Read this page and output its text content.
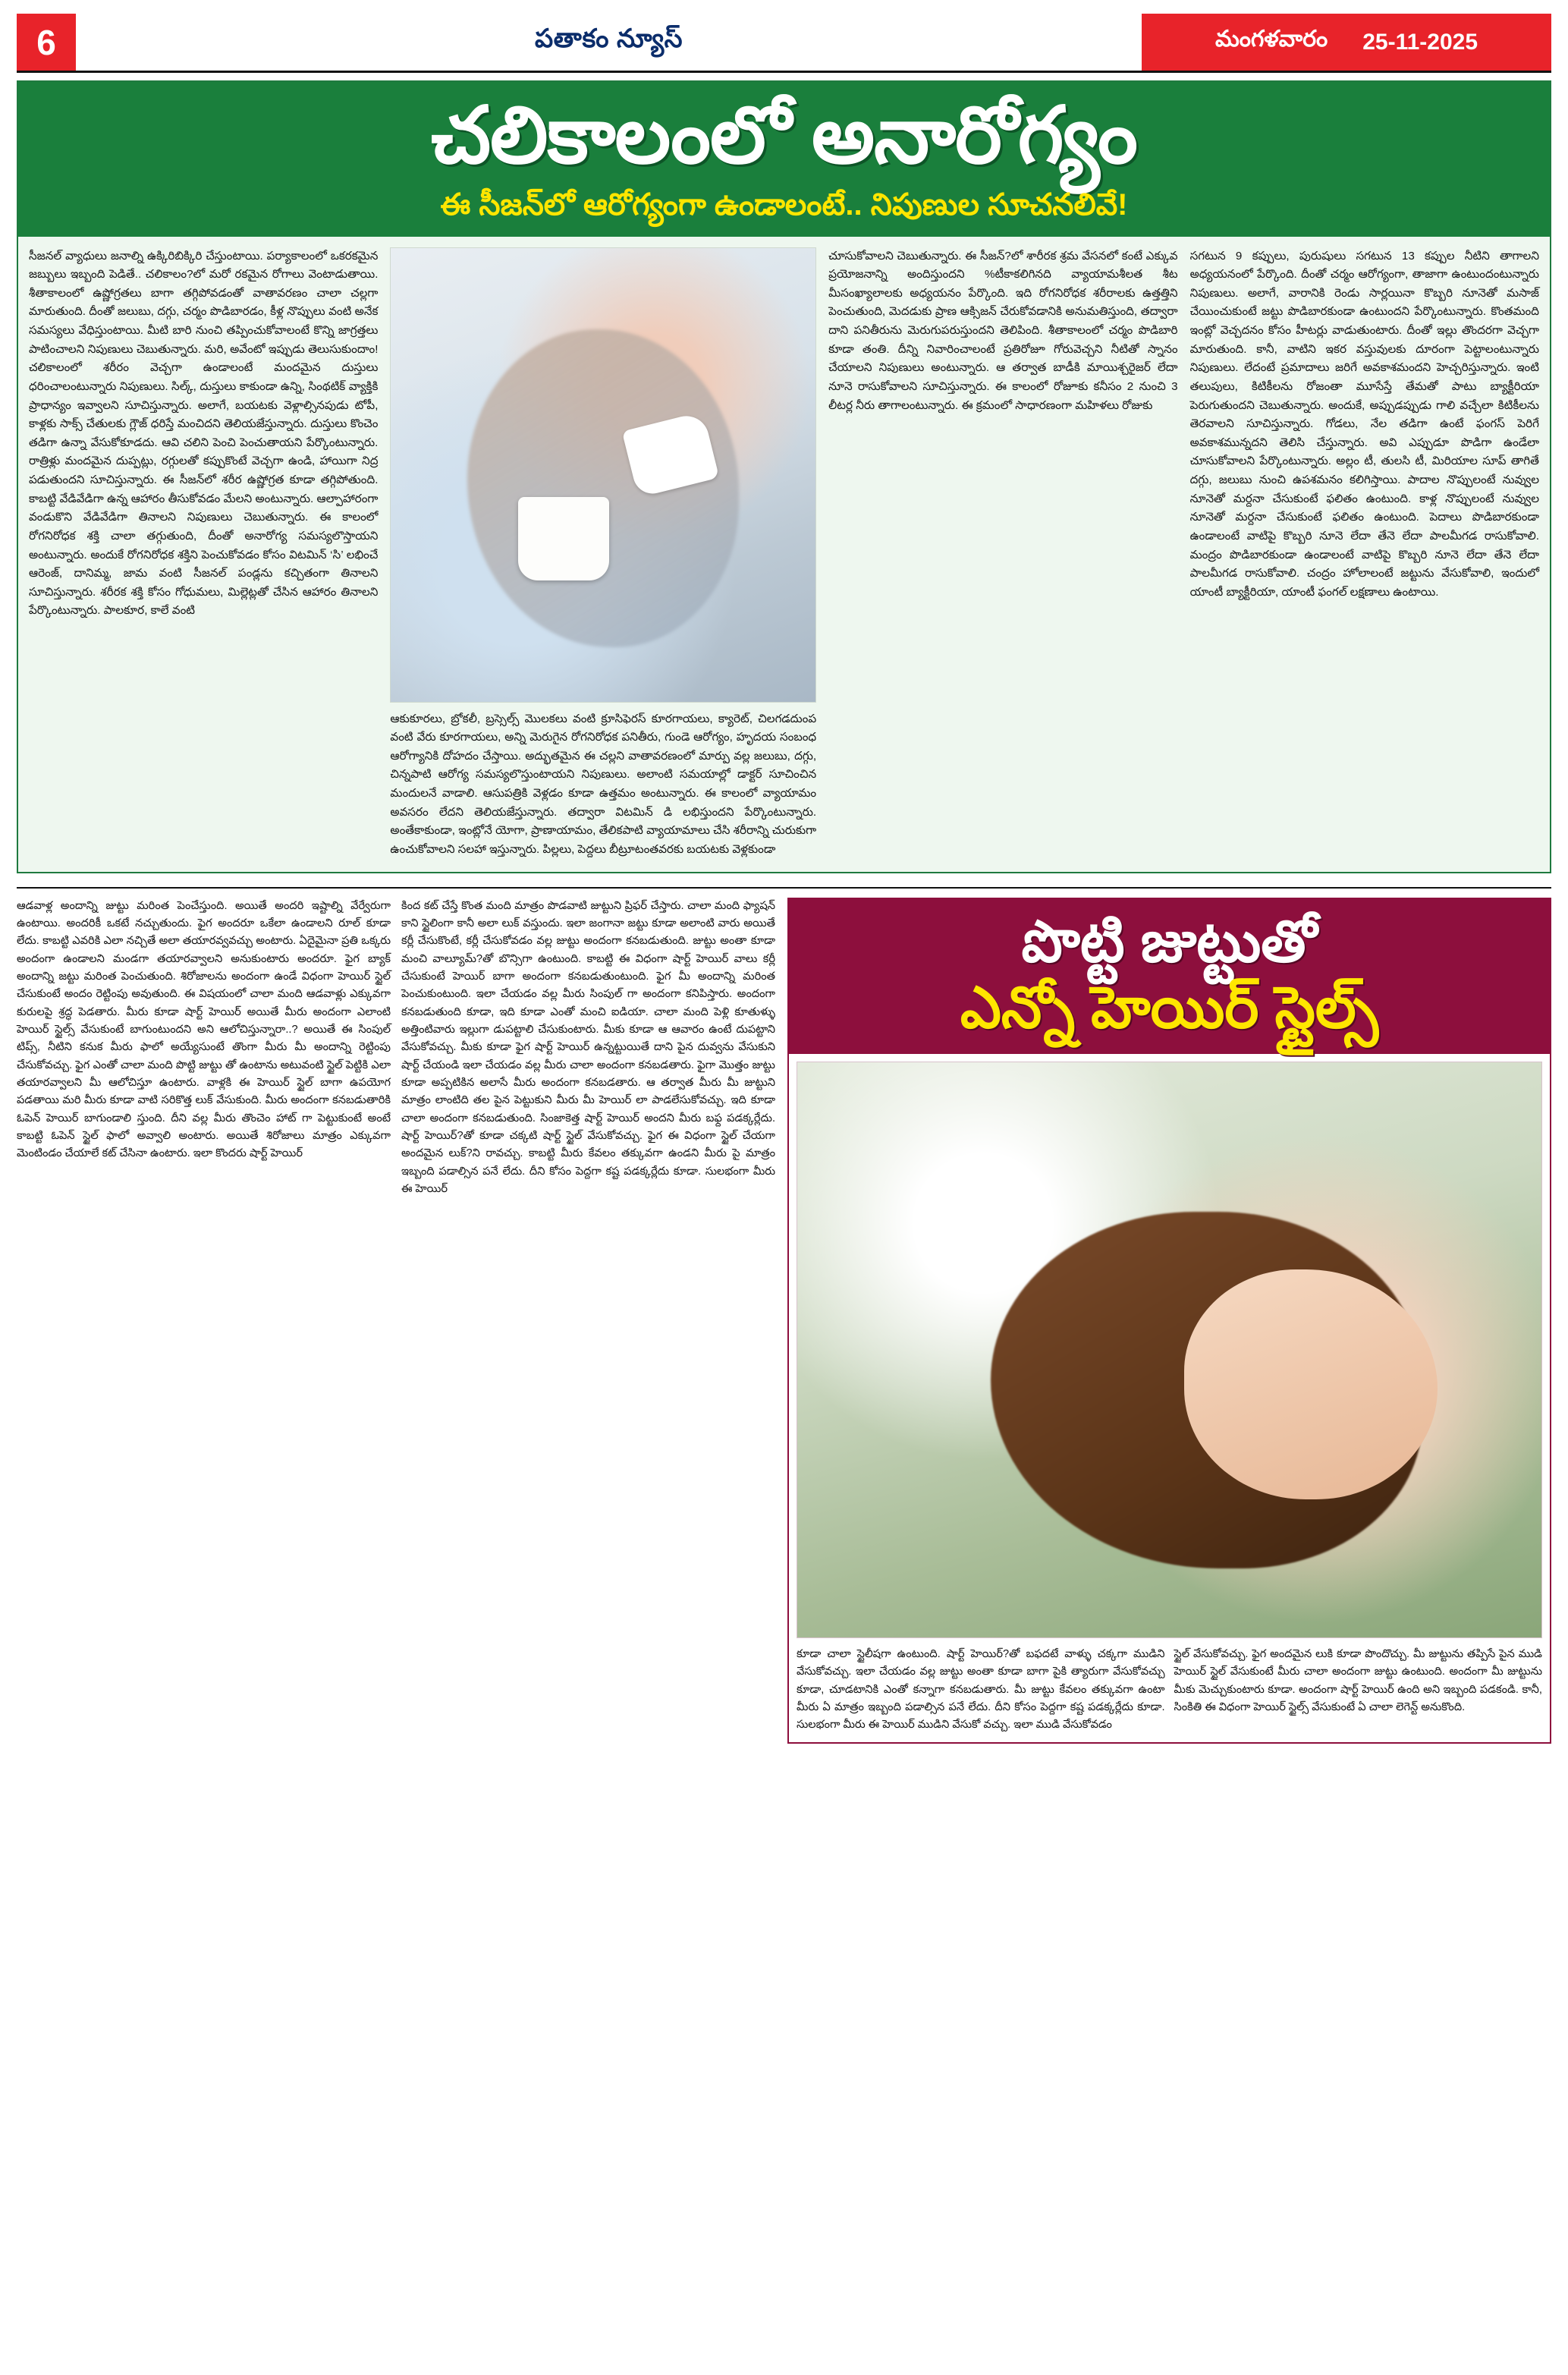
6	పతాకం న్యూస్	మంగళవారం 25-11-2025
చలికాలంలో అనారోగ్యం
ఈ సీజన్‌లో ఆరోగ్యంగా ఉండాలంటే.. నిపుణుల సూచనలివే!
సీజనల్ వ్యాధులు జనాల్ని ఉక్కిరిబిక్కిరి చేస్తుంటాయి. పర్యాకాలంలో ఒకరకమైన జబ్బులు ఇబ్బంది పెడితే.. చలికాలం?లో మరో రకమైన రోగాలు వెంటాడుతాయి. శీతాకాలంలో ఉష్ణోగ్రతలు బాగా తగ్గిపోవడంతో వాతావరణం చాలా చల్లగా మారుతుంది. దీంతో జలుబు, దగ్గు, చర్మం పొడిబారడం, కీళ్ల నొప్పులు వంటి అనేక సమస్యలు వేధిస్తుంటాయి. మీటి బారి నుంచి తప్పించుకోవాలంటే కొన్ని జాగ్రత్తలు పాటించాలని నిపుణులు చెబుతున్నారు. మరి, అవేంటో ఇప్పుడు తెలుసుకుందాం! చలికాలంలో శరీరం వెచ్చగా ఉండాలంటే మందమైన దుస్తులు ధరించాలంటున్నారు నిపుణులు. సిల్క్, దుస్తులు కాకుండా ఉన్ని, సింథటిక్ వ్యాక్తికి ప్రాధాన్యం ఇవ్వాలని సూచిస్తున్నారు. అలాగే, బయటకు వెళ్లాల్సినపుడు టోపీ, కాళ్లకు సాక్స్ చేతులకు గ్లౌజ్ ధరిస్తే మంచిదని తెలియజేస్తున్నారు. దుస్తులు కొంచెం తడిగా ఉన్నా వేసుకోకూడదు. ఆవి చలిని పెంచి పెంచుతాయని పేర్కొంటున్నారు. రాత్రిళ్లు మందమైన దుప్పట్లు, రగ్గులతో కప్పుకొంటే వెచ్చగా ఉండి, హాయిగా నిద్ర పడుతుందని సూచిస్తున్నారు. ఈ సీజన్‌లో శరీర ఉష్ణోగ్రత కూడా తగ్గిపోతుంది. కాబట్టి వేడివేడిగా ఉన్న ఆహారం తీసుకోవడం మేలని అంటున్నారు. ఆల్పాహారంగా వండుకొని వేడివేడిగా తినాలని నిపుణులు చెబుతున్నారు. ఈ కాలంలో రోగనిరోధక శక్తి చాలా తగ్గుతుంది, దీంతో అనారోగ్య సమస్యలొస్తాయని అంటున్నారు. అందుకే రోగనిరోధక శక్తిని పెంచుకోవడం కోసం విటమిన్ ‘సి’ లభించే ఆరెంజ్, దానిమ్మ, జామ వంటి సీజనల్ పండ్లను కచ్చితంగా తినాలని సూచిస్తున్నారు. శరీరక శక్తి కోసం గోధుమలు, మిల్లెట్లతో చేసిన ఆహారం తినాలని పేర్కొంటున్నారు. పాలకూర, కాలే వంటి
ఆకుకూరలు, బ్రోకలీ, బ్రస్సెల్స్ మొలకలు వంటి క్రూసిఫెరస్ కూరగాయలు, క్యారెట్, చిలగడదుంప వంటి వేరు కూరగాయలు, అన్ని మెరుగైన రోగనిరోధక పనితీరు, గుండె ఆరోగ్యం, హృదయ సంబంధ ఆరోగ్యానికి దోహదం చేస్తాయి. అద్భుతమైన ఈ చల్లని వాతావరణంలో మార్పు వల్ల జలుబు, దగ్గు, చిన్నపాటి ఆరోగ్య సమస్యలొస్తుంటాయని నిపుణులు. అలాంటి సమయాల్లో డాక్టర్ సూచించిన మందులనే వాడాలి. ఆసుపత్రికి వెళ్లడం కూడా ఉత్తమం అంటున్నారు. ఈ కాలంలో వ్యాయామం అవసరం లేదని తెలియజేస్తున్నారు. తద్వారా విటమిన్ డి లభిస్తుందని పేర్కొంటున్నారు. అంతేకాకుండా, ఇంట్లోనే యోగా, ప్రాణాయామం, తేలికపాటి వ్యాయామాలు చేసి శరీరాన్ని చురుకుగా ఉంచుకోవాలని సలహా ఇస్తున్నారు. పిల్లలు, పెద్దలు బీట్రూటంతవరకు బయటకు వెళ్లకుండా
చూసుకోవాలని చెబుతున్నారు. ఈ సీజన్?లో శారీరక శ్రమ వేసనలో కంటే ఎక్కువ ప్రయోజనాన్ని అందిస్తుందని %టీకాకలిగినది వ్యాయామశీలత శీట మీసంఖ్యాలాలకు అధ్యయనం పేర్కొంది. ఇది రోగనిరోధక శరీరాలకు ఉత్తత్తిని పెంచుతుంది, మెదడుకు ప్రాణ ఆక్సిజన్ చేరుకోవడానికి అనుమతిస్తుంది, తద్వారా దాని పనితీరును మెరుగుపరుస్తుందని తెలిపింది. శీతాకాలంలో చర్మం పొడిబారి కూడా తంతి. దీన్ని నివారించాలంటే ప్రతిరోజూ గోరువెచ్చని నీటితో స్నానం చేయాలని నిపుణులు అంటున్నారు. ఆ తర్వాత బాడీకి మాయిశ్చరైజర్ లేదా నూనె రాసుకోవాలని సూచిస్తున్నారు. ఈ కాలంలో రోజూకు కనీసం 2 నుంచి 3 లీటర్ల నీరు తాగాలంటున్నారు. ఈ క్రమంలో సాధారణంగా మహిళలు రోజుకు
సగటున 9 కప్పులు, పురుషులు సగటున 13 కప్పుల నీటిని తాగాలని అధ్యయనంలో పేర్కొంది. దీంతో చర్మం ఆరోగ్యంగా, తాజాగా ఉంటుందంటున్నారు నిపుణులు. అలాగే, వారానికి రెండు సార్లయినా కొబ్బరి నూనెతో మసాజ్ చేయించుకుంటే జట్టు పొడిబారకుండా ఉంటుందని పేర్కొంటున్నారు. కొంతమంది ఇంట్లో వెచ్చదనం కోసం హీటర్లు వాడుతుంటారు. దీంతో ఇల్లు తొందరగా వెచ్చగా మారుతుంది. కానీ, వాటిని ఇకర వస్తువులకు దూరంగా పెట్టాలంటున్నారు నిపుణులు. లేదంటే ప్రమాదాలు జరిగే అవకాశమందని హెచ్చరిస్తున్నారు. ఇంటి తలుపులు, కిటికీలను రోజంతా మూసేస్తే తేమతో పాటు బ్యాక్టీరియా పెరుగుతుందని చెబుతున్నారు. అందుకే, అప్పుడప్పుడు గాలి వచ్చేలా కిటికీలను తెరవాలని సూచిస్తున్నారు. గోడలు, నేల తడిగా ఉంటే ఫంగస్ పెరిగే అవకాశమున్నదని తెలిసి చేస్తున్నారు. అవి ఎప్పుడూ పొడిగా ఉండేలా చూసుకోవాలని పేర్కొంటున్నారు. అల్లం టీ, తులసి టీ, మిరియాల సూప్ తాగితే దగ్గు, జలుబు నుంచి ఉపశమనం కలిగిస్తాయి. పాదాల నొప్పులంటే నువ్వుల నూనెతో మర్దనా చేసుకుంటే ఫలితం ఉంటుంది. కాళ్ల నొప్పులంటే నువ్వుల నూనెతో మర్దనా చేసుకుంటే ఫలితం ఉంటుంది. పెదాలు పొడిబారకుండా ఉండాలంటే వాటిపై కొబ్బరి నూనె లేదా తేనె లేదా పాలమీగడ రాసుకోవాలి. మంద్రం పొడిబారకుండా ఉండాలంటే వాటిపై కొబ్బరి నూనె లేదా తేనె లేదా పాలమీగడ రాసుకోవాలి. చంద్రం హోలాలంటే జట్టును వేసుకోవాలి, ఇందులో యాంటీ బ్యాక్టీరియా, యాంటీ ఫంగల్ లక్షణాలు ఉంటాయి.
ఆడవాళ్ల అందాన్ని జుట్టు మరింత పెంచేస్తుంది. అయితే అందరి ఇష్టాల్ని వేర్వేరుగా ఉంటాయి. అందరికీ ఒకటే నచ్చుతుందు. ఫైగ అందరూ ఒకేలా ఉండాలని రూల్ కూడా లేదు. కాబట్టి ఎవరికి ఎలా నచ్చితే అలా తయారవ్వవచ్చు అంటారు. ఏదైమైనా ప్రతి ఒక్కరు అందంగా ఉండాలని మండగా తయారవ్వాలని అనుకుంటారు అందరూ. ఫైగ బ్యాక్ అందాన్ని జట్టు మరింత పెంచుతుంది. శిరోజాలను అందంగా ఉండే విధంగా హెయిర్ స్టైల్ చేసుకుంటే అందం రెట్టింపు అవుతుంది. ఈ విషయంలో చాలా మంది ఆడవాళ్లు ఎక్కువగా కురులపై శ్రద్ధ పెడతారు. మీరు కూడా షార్ట్ హెయిర్ అయితే మీరు అందంగా ఎలాంటి హెయిర్ స్టైల్స్ వేసుకుంటే బాగుంటుందని అని ఆలోచిస్తున్నారా..? అయితే ఈ సింపుల్ టిప్స్, నీటిని కనుక మీరు ఫాలో అయ్యేసుంటే తొంగా మీరు మీ అందాన్ని రెట్టింపు చేసుకోవచ్చు. ఫైగ ఎంతో చాలా మంది పొట్టి జుట్టు తో ఉంటాను అటువంటి స్టైల్ పెట్టికి ఎలా తయారవ్వాలని మీ ఆలోచిస్తూ ఉంటారు. వాళ్లకి ఈ హెయిర్ స్టైల్ బాగా ఉపయోగ పడతాయి మరి మీరు కూడా వాటి సరికొత్త లుక్ వేసుకుంది. మీరు అందంగా కనబడుతారికి ఓపెన్ హెయిర్ బాగుండాలి స్తుంది. దీని వల్ల మీరు తొంచెం హాట్ గా పెట్టుకుంటే అంటే కాబట్టి ఓపెన్ స్టైల్ ఫాలో అవ్వాలి అంటారు. అయితే శిరోజాలు మాత్రం ఎక్కువగా మెంటిండం చేయాలే కట్ చేసినా ఉంటారు. ఇలా కొందరు షార్ట్ హెయిర్
కింద కట్ చేస్తే కొంత మంది మాత్రం పొడవాటి జుట్టుని ప్రిఫర్ చేస్తారు. చాలా మంది ఫ్యాషన్ కాని స్టైలింగా కానీ అలా లుక్ వస్తుందు. ఇలా జంగానా జట్టు కూడా అలాంటి వారు అయితే కర్లీ చేసుకొంటే, కర్లీ చేసుకోవడం వల్ల జుట్టు అందంగా కనబడుతుంది. జుట్టు అంతా కూడా మంచి వాల్యూమ్?తో బొన్సిగా ఉంటుంది. కాబట్టి ఈ విధంగా షార్ట్ హెయిర్ వాలు కర్లీ చేసుకుంటే హెయిర్ బాగా అందంగా కనబడుతుంటుంది. ఫైగ మీ అందాన్ని మరింత పెంచుకుంటుంది. ఇలా చేయడం వల్ల మీరు సింపుల్ గా అందంగా కనిపిస్తారు. అందంగా కనబడుతుంది కూడా, ఇది కూడా ఎంతో మంచి ఐడియా. చాలా మంది పెళ్లి కూతుళ్ళు అత్తింటివారు ఇల్లుగా డుపట్టాలి చేసుకుంటారు. మీకు కూడా ఆ ఆవారం ఉంటే దుపట్టాని వేసుకోవచ్చు. మీకు కూడా ఫైగ షార్ట్ హెయిర్ ఉన్నట్టుయితే దాని పైన దువ్వను వేసుకుని షార్ట్ చేయండి ఇలా చేయడం వల్ల మీరు చాలా అందంగా కనబడతారు. ఫైగా మొత్తం జుట్టు కూడా అప్పటికిన అలాసే మీరు అందంగా కనబడతారు. ఆ తర్వాత మీరు మీ జుట్టుని మాత్రం లాంటిది తల పైన పెట్టుకుని మీరు మీ హెయిర్ లా పాడలేసుకోవచ్చు. ఇది కూడా చాలా అందంగా కనబడుతుంది. సింజాకెత్త షార్ట్ హెయిర్ అందని మీరు బఫ్ద పడక్కర్లేదు. షార్ట్ హెయిర్?తో కూడా చక్కటి షార్ట్ స్టైల్ వేసుకోవచ్చు. ఫైగ ఈ విధంగా స్టైల్ చేయగా అందమైన లుక్?ని రావచ్చు. కాబట్టి మీరు కేవలం తక్కువగా ఉండని మీరు పై మాత్రం ఇబ్బంది పడాల్సిన పనే లేదు. దీని కోసం పెద్దగా కష్ట పడక్కర్లేదు కూడా. సులభంగా మీరు ఈ హెయిర్
పొట్టి జుట్టుతో
ఎన్నో హెయిర్ స్టైల్స్
కూడా చాలా స్టైలీషగా ఉంటుంది. షార్ట్ హెయిర్?తో బఫదటే వాళ్ళు చక్కగా ముడిని వేసుకోవచ్చు. ఇలా చేయడం వల్ల జుట్టు అంతా కూడా బాగా పైకి త్యారుగా వేసుకోవచ్చు కూడా, చూడటానికి ఎంతో కన్నాగా కనబడుతారు. మీ జుట్టు కేవలం తక్కువగా ఉంటా మీరు ఏ మాత్రం ఇబ్బంది పడాల్సిన పనే లేదు. దీని కోసం పెద్దగా కష్ట పడక్కర్లేదు కూడా. సులభంగా మీరు ఈ హెయిర్ ముడిని వేసుకో వచ్చు. ఇలా ముడి వేసుకోవడం
స్టైల్ వేసుకోవచ్చు. ఫైగ అందమైన లుకి కూడా పొందొచ్చు. మీ జుట్టును తప్పిసే పైన ముడి హెయిర్ స్టైల్ వేసుకుంటే మీరు చాలా అందంగా జుట్టు ఉంటుంది. అందంగా మీ జుట్టును మీకు మెచ్చుకుంటారు కూడా. అందంగా షార్ట్ హెయిర్ ఉంది అని ఇబ్బంది పడకండి. కానీ, సింకితి ఈ విధంగా హెయిర్ స్టైల్స్ వేసుకుంటే ఏ చాలా లెగెన్ట్ అనుకొంది.
